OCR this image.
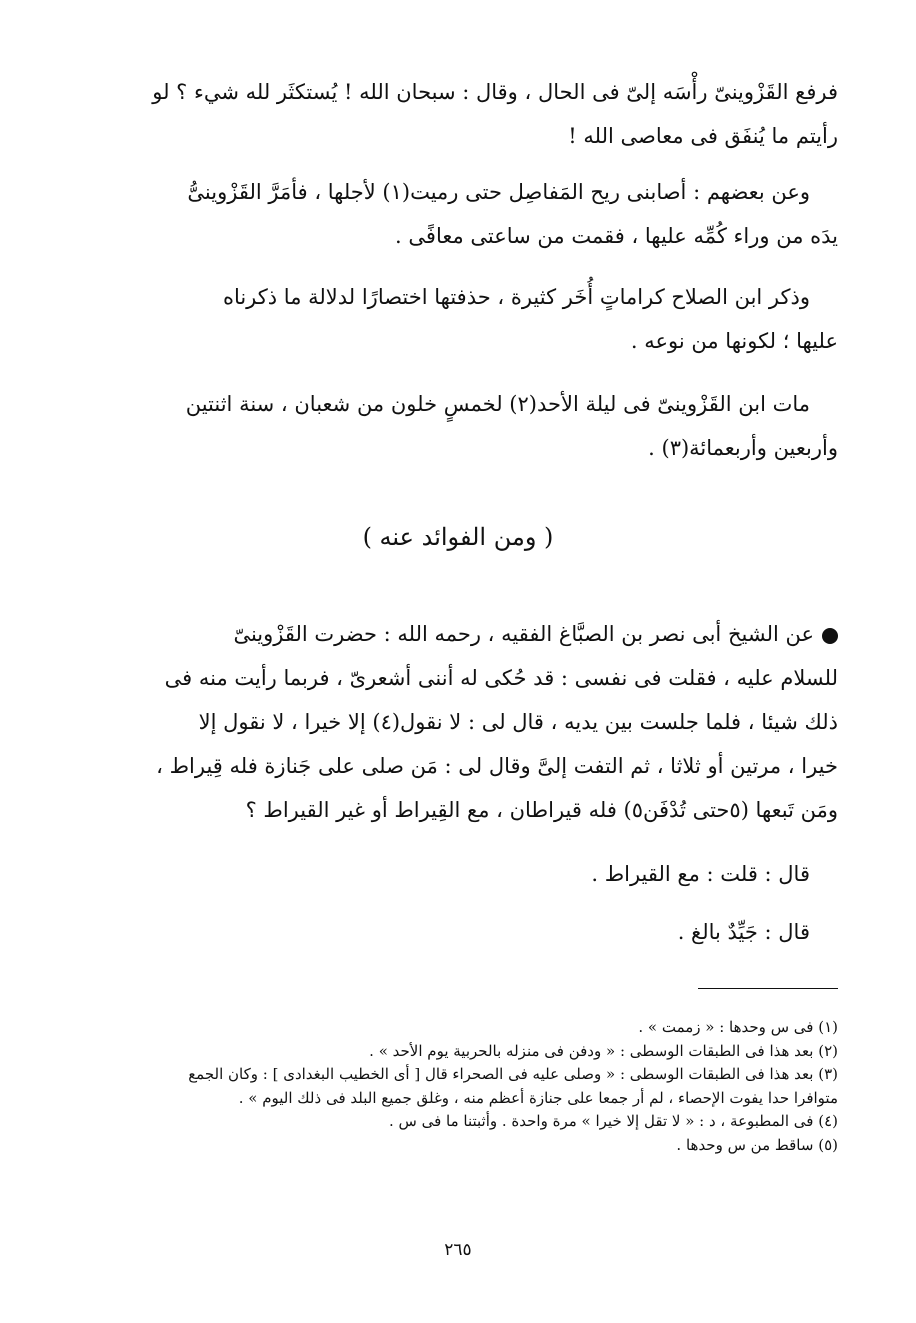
فرفع القَزْوينىّ رأْسَه إلىّ فى الحال ، وقال : سبحان الله ! يُستكثَر لله شيء ؟ لو
رأيتم ما يُنفَق فى معاصى الله !
وعن بعضهم : أصابنى ريح المَفاصِل حتى رميت(١) لأجلها ، فأمَرَّ القَزْوينىُّ
يدَه من وراء كُمِّه عليها ، فقمت من ساعتى معافًى .
وذكر ابن الصلاح كراماتٍ أُخَر كثيرة ، حذفتها اختصارًا لدلالة ما ذكرناه
عليها ؛ لكونها من نوعه .
مات ابن القَزْوينىّ فى ليلة الأحد(٢) لخمسٍ خلون من شعبان ، سنة اثنتين
وأربعين وأربعمائة(٣) .
( ومن الفوائد عنه )
عن الشيخ أبى نصر بن الصبَّاغ الفقيه ، رحمه الله : حضرت القَزْوينىّ
للسلام عليه ، فقلت فى نفسى : قد حُكى له أننى أشعرىّ ، فربما رأيت منه فى
ذلك شيئا ، فلما جلست بين يديه ، قال لى : لا نقول(٤) إلا خيرا ، لا نقول إلا
خيرا ، مرتين أو ثلاثا ، ثم التفت إلىَّ وقال لى : مَن صلى على جَنازة فله قِيراط ،
ومَن تَبعها (٥حتى تُدْفَن٥) فله قيراطان ، مع القِيراط أو غير القيراط ؟
قال : قلت : مع القيراط .
قال : جَيِّدٌ بالغ .
(١) فى س وحدها : « زممت » .
(٢) بعد هذا فى الطبقات الوسطى : « ودفن فى منزله بالحربية يوم الأحد » .
(٣) بعد هذا فى الطبقات الوسطى : « وصلى عليه فى الصحراء قال [ أى الخطيب البغدادى ] : وكان الجمع
متوافرا حدا يفوت الإحصاء ، لم أر جمعا على جنازة أعظم منه ، وغلق جميع البلد فى ذلك اليوم » .
(٤) فى المطبوعة ، د : « لا تقل إلا خيرا » مرة واحدة . وأثبتنا ما فى س .
(٥) ساقط من س وحدها .
٢٦٥
